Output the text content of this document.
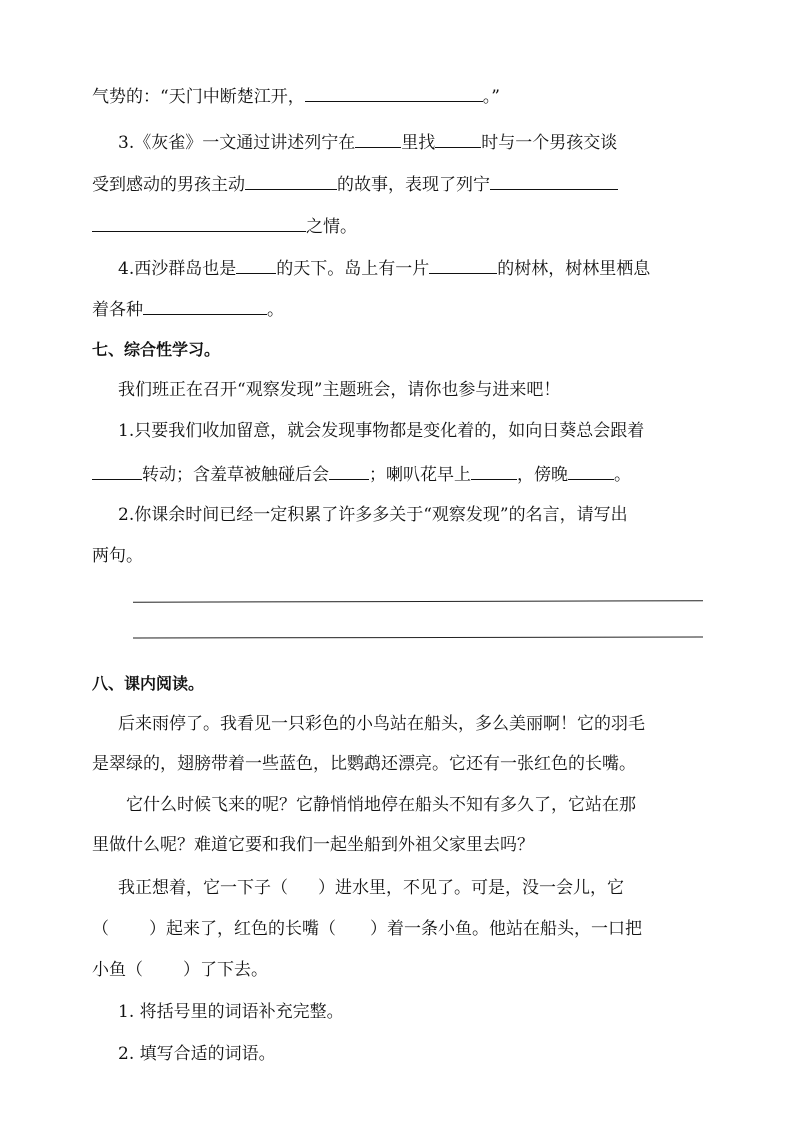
气势的：“天门中断楚江开，	。”
3.《灰雀》一文通过讲述列宁在	里找	时与一个男孩交谈
受到感动的男孩主动	的故事，表现了列宁
之情。
4.西沙群岛也是 的天下。岛上有一片	的树林，树林里栖息
着各种	。
七、综合性学习。
我们班正在召开“观察发现”主题班会，请你也参与进来吧！
1.只要我们收加留意，就会发现事物都是变化着的，如向日葵总会跟着
转动；含羞草被触碰后会 ；喇叭花早上	，傍晚	。
2.你课余时间已经一定积累了许多多关于“观察发现”的名言，请写出
两句。
八、课内阅读。
后来雨停了。我看见一只彩色的小鸟站在船头，多么美丽啊！它的羽毛
是翠绿的，翅膀带着一些蓝色，比鹦鹉还漂亮。它还有一张红色的长嘴。
它什么时候飞来的呢？它静悄悄地停在船头不知有多久了，它站在那
里做什么呢？难道它要和我们一起坐船到外祖父家里去吗？
我正想着，它一下子（ ）进水里，不见了。可是，没一会儿，它
（ ）起来了，红色的长嘴（ ）着一条小鱼。他站在船头，一口把
小鱼（ ）了下去。
1. 将括号里的词语补充完整。
2. 填写合适的词语。
